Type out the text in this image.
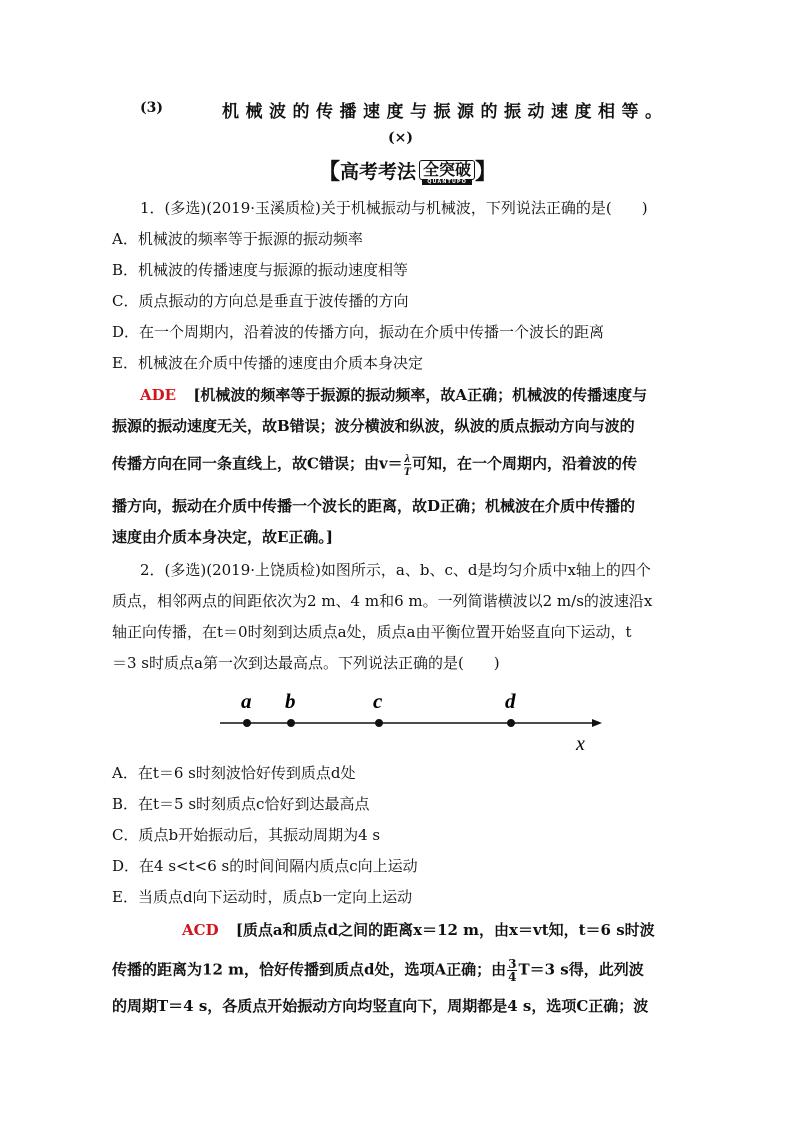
(3)	机械波的传播速度与振源的振动速度相等。
(×)
【 高考考法 全突破
QUANTUPO 】
1．(多选)(2019·玉溪质检)关于机械振动与机械波，下列说法正确的是(　　)
A．机械波的频率等于振源的振动频率
B．机械波的传播速度与振源的振动速度相等
C．质点振动的方向总是垂直于波传播的方向
D．在一个周期内，沿着波的传播方向，振动在介质中传播一个波长的距离
E．机械波在介质中传播的速度由介质本身决定
ADE [机械波的频率等于振源的振动频率，故A正确；机械波的传播速度与
振源的振动速度无关，故B错误；波分横波和纵波，纵波的质点振动方向与波的
传播方向在同一条直线上，故C错误；由$v= \frac{\lambda}{T}$ 可知，在一个周期内，沿着波的传
播方向，振动在介质中传播一个波长的距离，故D正确；机械波在介质中传播的
速度由介质本身决定，故E正确。]
2．(多选)(2019·上饶质检)如图所示，a、b、c、d是均匀介质中x轴上的四个
质点，相邻两点的间距依次为2 m、4 m和6 m。一列简谐横波以2 m/s的波速沿x
轴正向传播，在t＝0时刻到达质点a处，质点a由平衡位置开始竖直向下运动，t
＝3 s时质点a第一次到达最高点。下列说法正确的是(　　)
a b	c	d
x
A．在t＝6 s时刻波恰好传到质点d处
B．在t＝5 s时刻质点c恰好到达最高点
C．质点b开始振动后，其振动周期为4 s
D．在4 s<t<6 s的时间间隔内质点c向上运动
E．当质点d向下运动时，质点b一定向上运动
ACD [质点a和质点d之间的距离x＝12 m，由x＝vt知，t＝6 s时波
传播的距离为12 m，恰好传播到质点d处，选项A正确；由 $\frac{3}{4} T=3$ s得，此列波
的周期T＝4 s，各质点开始振动方向均竖直向下，周期都是4 s，选项C正确；波
